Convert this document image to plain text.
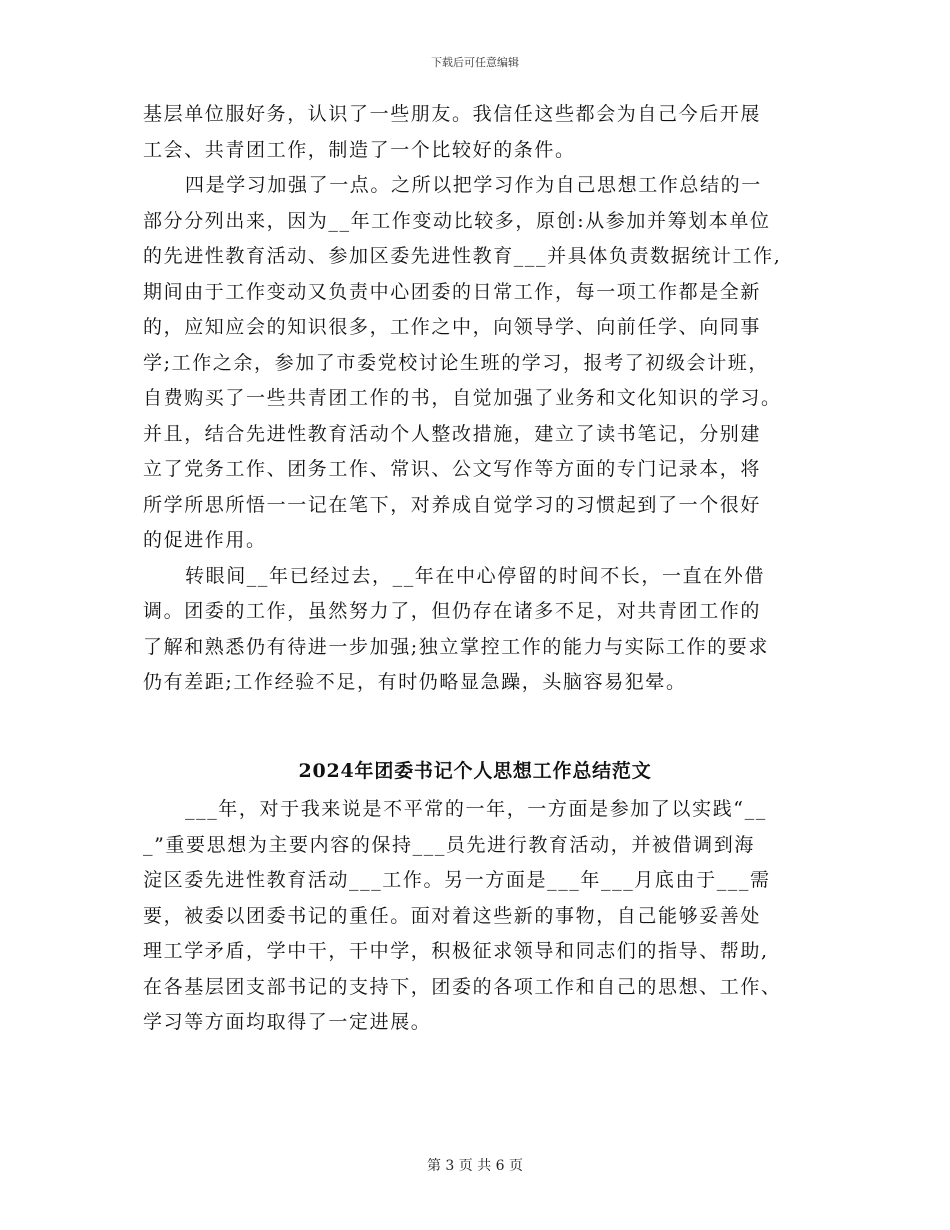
下载后可任意编辑
基层单位服好务，认识了一些朋友。我信任这些都会为自己今后开展
工会、共青团工作，制造了一个比较好的条件。
四是学习加强了一点。之所以把学习作为自己思想工作总结的一
部分分列出来，因为__年工作变动比较多，原创:从参加并筹划本单位
的先进性教育活动、参加区委先进性教育___并具体负责数据统计工作,
期间由于工作变动又负责中心团委的日常工作，每一项工作都是全新
的，应知应会的知识很多，工作之中，向领导学、向前任学、向同事
学;工作之余，参加了市委党校讨论生班的学习，报考了初级会计班，
自费购买了一些共青团工作的书，自觉加强了业务和文化知识的学习。
并且，结合先进性教育活动个人整改措施，建立了读书笔记，分别建
立了党务工作、团务工作、常识、公文写作等方面的专门记录本，将
所学所思所悟一一记在笔下，对养成自觉学习的习惯起到了一个很好
的促进作用。
转眼间__年已经过去，__年在中心停留的时间不长，一直在外借
调。团委的工作，虽然努力了，但仍存在诸多不足，对共青团工作的
了解和熟悉仍有待进一步加强;独立掌控工作的能力与实际工作的要求
仍有差距;工作经验不足，有时仍略显急躁，头脑容易犯晕。
2024年团委书记个人思想工作总结范文
___年，对于我来说是不平常的一年，一方面是参加了以实践“__
_”重要思想为主要内容的保持___员先进行教育活动，并被借调到海
淀区委先进性教育活动___工作。另一方面是___年___月底由于___需
要，被委以团委书记的重任。面对着这些新的事物，自己能够妥善处
理工学矛盾，学中干，干中学，积极征求领导和同志们的指导、帮助,
在各基层团支部书记的支持下，团委的各项工作和自己的思想、工作、
学习等方面均取得了一定进展。
第 3 页 共 6 页
